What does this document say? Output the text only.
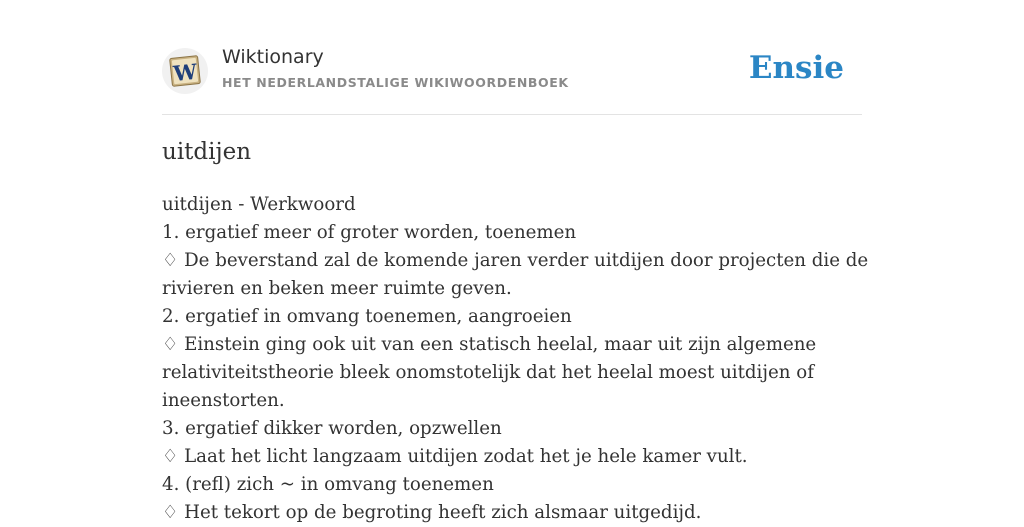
W
Wiktionary
HET NEDERLANDSTALIGE WIKIWOORDENBOEK	Ensie
uitdijen
uitdijen - Werkwoord
1. ergatief meer of groter worden, toenemen
♢ De beverstand zal de komende jaren verder uitdijen door projecten die de
rivieren en beken meer ruimte geven.
2. ergatief in omvang toenemen, aangroeien
♢ Einstein ging ook uit van een statisch heelal, maar uit zijn algemene
relativiteitstheorie bleek onomstotelijk dat het heelal moest uitdijen of
ineenstorten.
3. ergatief dikker worden, opzwellen
♢ Laat het licht langzaam uitdijen zodat het je hele kamer vult.
4. (refl) zich ~ in omvang toenemen
♢ Het tekort op de begroting heeft zich alsmaar uitgedijd.
